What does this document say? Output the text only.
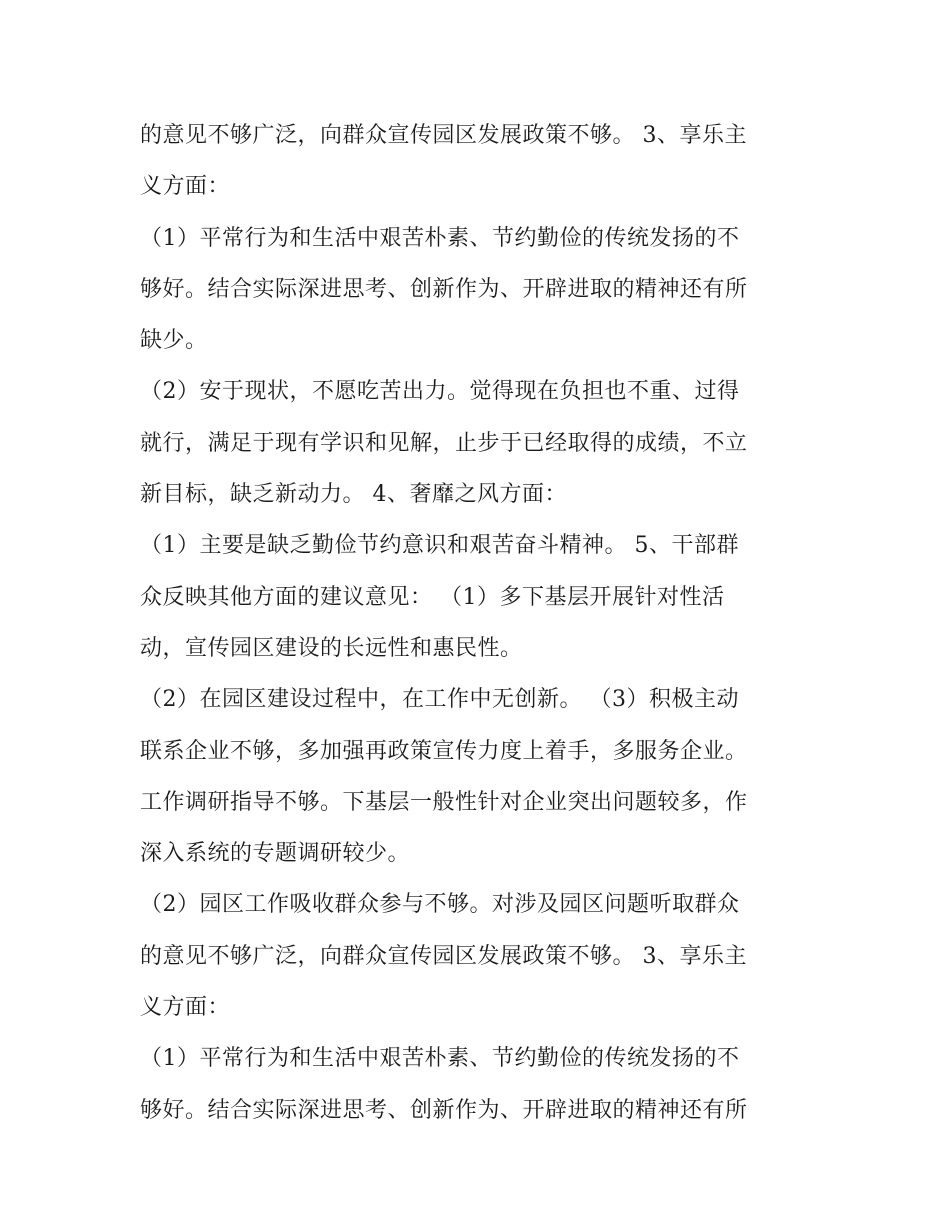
的意见不够广泛，向群众宣传园区发展政策不够。 3、享乐主
义方面：
（1）平常行为和生活中艰苦朴素、节约勤俭的传统发扬的不
够好。结合实际深进思考、创新作为、开辟进取的精神还有所
缺少。
（2）安于现状，不愿吃苦出力。觉得现在负担也不重、过得
就行，满足于现有学识和见解，止步于已经取得的成绩，不立
新目标，缺乏新动力。 4、奢靡之风方面：
（1）主要是缺乏勤俭节约意识和艰苦奋斗精神。 5、干部群
众反映其他方面的建议意见： （1）多下基层开展针对性活
动，宣传园区建设的长远性和惠民性。
（2）在园区建设过程中，在工作中无创新。 （3）积极主动
联系企业不够，多加强再政策宣传力度上着手，多服务企业。
工作调研指导不够。下基层一般性针对企业突出问题较多，作
深入系统的专题调研较少。
（2）园区工作吸收群众参与不够。对涉及园区问题听取群众
的意见不够广泛，向群众宣传园区发展政策不够。 3、享乐主
义方面：
（1）平常行为和生活中艰苦朴素、节约勤俭的传统发扬的不
够好。结合实际深进思考、创新作为、开辟进取的精神还有所
